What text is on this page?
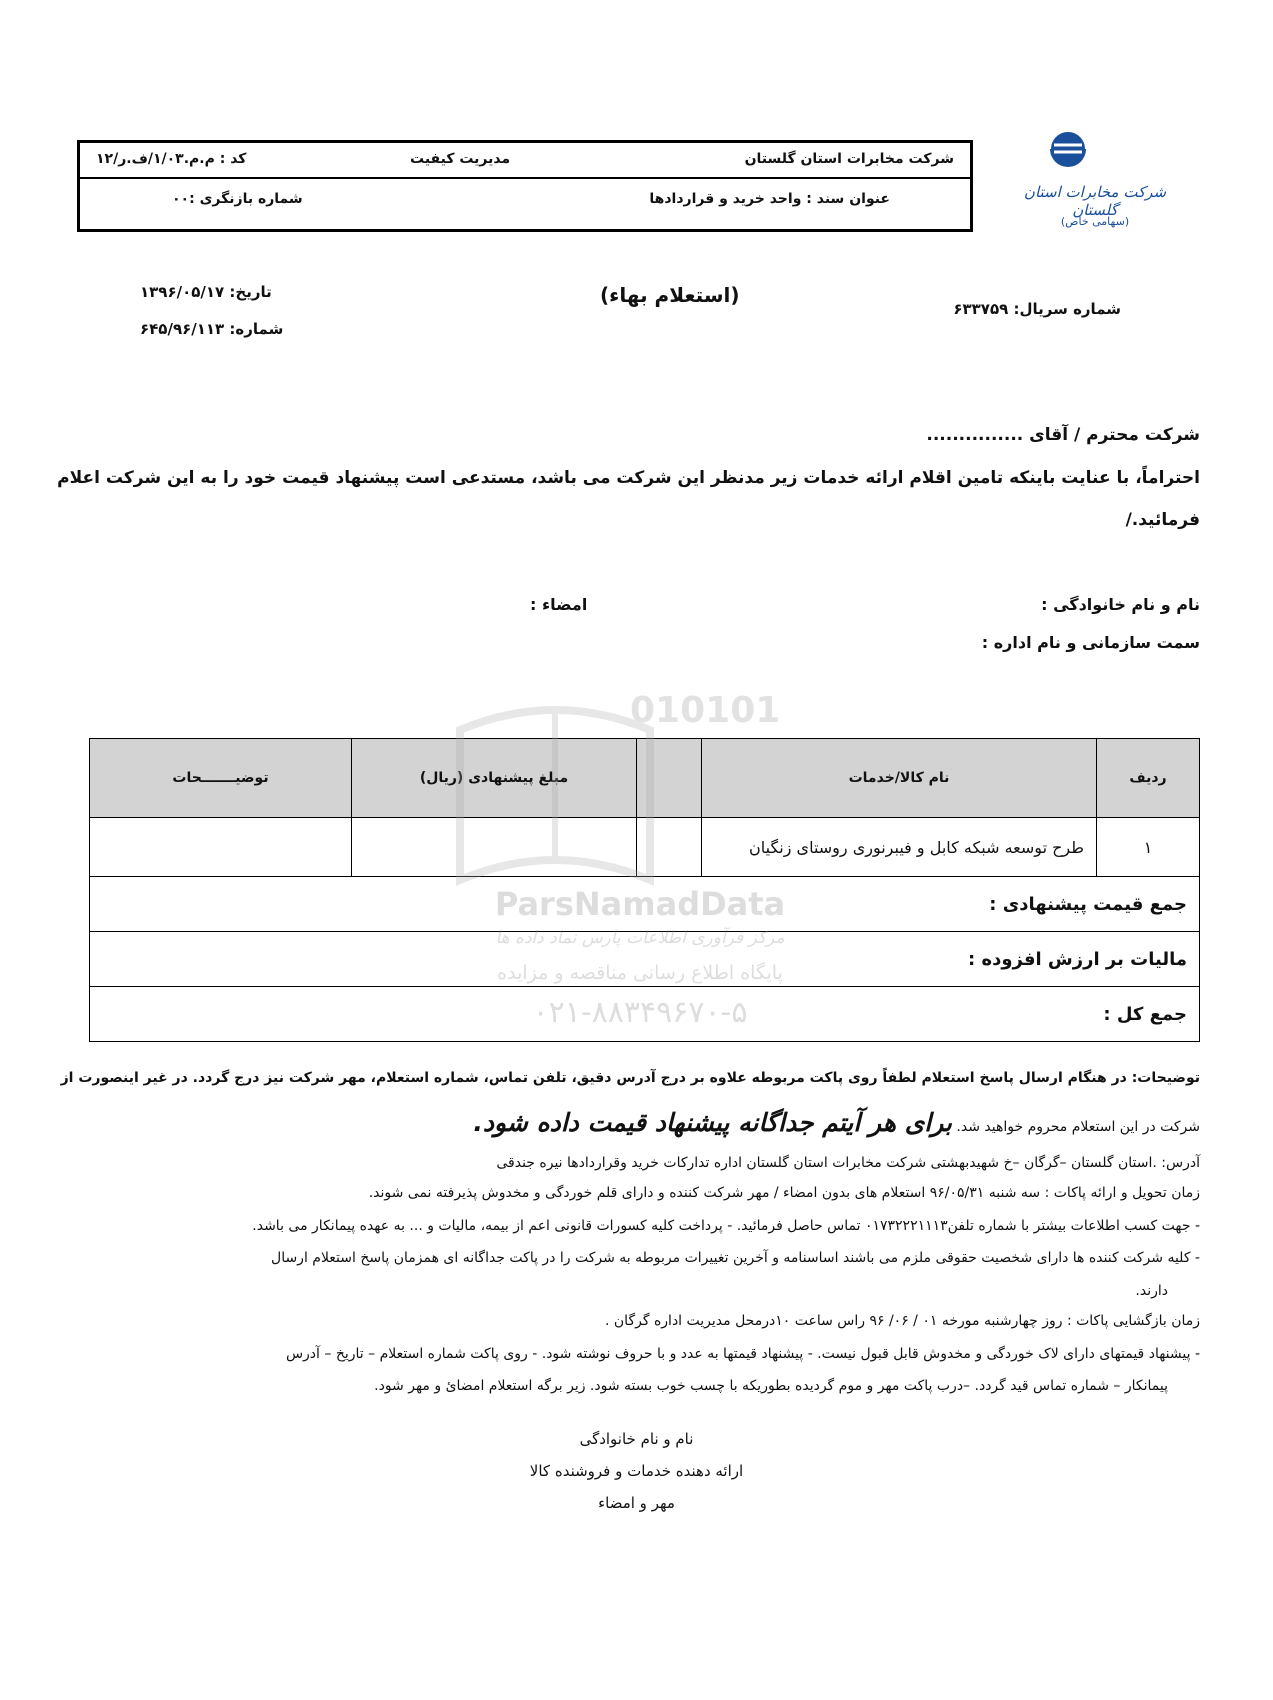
شرکت مخابرات استان گلستان
(سهامی خاص)
شرکت مخابرات استان گلستان
مدیریت کیفیت
کد : م.م.۱/۰۳/ف.ر/۱۲
عنوان سند : واحد خرید و قراردادها
شماره بازنگری :۰۰
شماره سریال: ۶۳۳۷۵۹
(استعلام بهاء)
تاریخ: ۱۳۹۶/۰۵/۱۷
شماره: ۶۴۵/۹۶/۱۱۳
شرکت محترم / آقای ...............
احتراماً، با عنایت باینکه تامین اقلام ارائه خدمات زیر مدنظر این شرکت می باشد، مستدعی است پیشنهاد قیمت خود را به این شرکت اعلام
فرمائید./
نام و نام خانوادگی :
امضاء :
سمت سازمانی و نام اداره :
ردیف	نام کالا/خدمات		مبلغ پیشنهادی (ریال)	توضیـــــــحات
۱	طرح توسعه شبکه کابل و فیبرنوری روستای زنگیان			
جمع قیمت پیشنهادی :				
مالیات بر ارزش افزوده :				
جمع کل :				
010101
ParsNamadData
مرکز فرآوری اطلاعات پارس نماد داده ها
پایگاه اطلاع رسانی مناقصه و مزایده
۰۲۱-۸۸۳۴۹۶۷۰-۵
توضیحات: در هنگام ارسال پاسخ استعلام لطفاً روی پاکت مربوطه علاوه بر درج آدرس دقیق، تلفن تماس، شماره استعلام، مهر شرکت نیز درج گردد. در غیر اینصورت از
شرکت در این استعلام محروم خواهید شد. برای هر آیتم جداگانه پیشنهاد قیمت داده شود.
آدرس: .استان گلستان –گرگان –خ شهیدبهشتی شرکت مخابرات استان گلستان اداره تدارکات خرید وقراردادها نیره جندقی
زمان تحویل و ارائه پاکات : سه شنبه ۹۶/۰۵/۳۱ استعلام های بدون امضاء / مهر شرکت کننده و دارای قلم خوردگی و مخدوش پذیرفته نمی شوند.
- جهت کسب اطلاعات بیشتر با شماره تلفن۰۱۷۳۲۲۲۱۱۱۳ تماس حاصل فرمائید. - پرداخت کلیه کسورات قانونی اعم از بیمه، مالیات و ... به عهده پیمانکار می باشد.
- کلیه شرکت کننده ها دارای شخصیت حقوقی ملزم می باشند اساسنامه و آخرین تغییرات مربوطه به شرکت را در پاکت جداگانه ای همزمان پاسخ استعلام ارسال
دارند.
زمان بازگشایی پاکات : روز چهارشنبه مورخه ۰۱ / ۰۶/ ۹۶ راس ساعت ۱۰درمحل مدیریت اداره گرگان .
- پیشنهاد قیمتهای دارای لاک خوردگی و مخدوش قابل قبول نیست. - پیشنهاد قیمتها به عدد و با حروف نوشته شود. - روی پاکت شماره استعلام – تاریخ – آدرس
پیمانکار – شماره تماس قید گردد. –درب پاکت مهر و موم گردیده بطوریکه با چسب خوب بسته شود. زیر برگه استعلام امضائ و مهر شود.
نام و نام خانوادگی
ارائه دهنده خدمات و فروشنده کالا
مهر و امضاء
